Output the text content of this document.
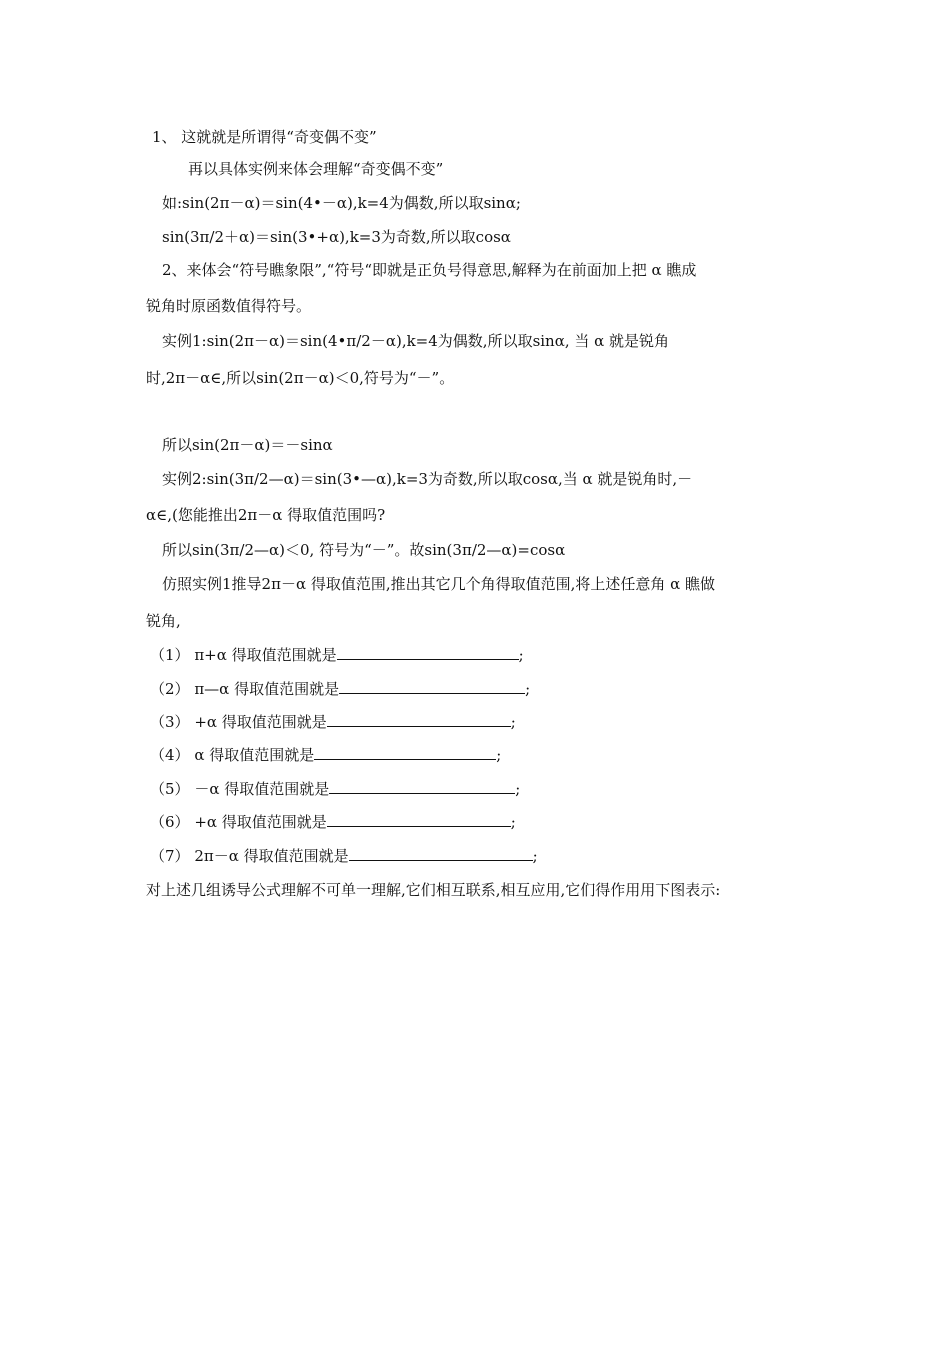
1、 这就就是所谓得“奇变偶不变”
再以具体实例来体会理解“奇变偶不变”
如:sin(2π－α)＝sin(4•－α),k=4为偶数,所以取sinα;
sin(3π/2＋α)＝sin(3•+α),k=3为奇数,所以取cosα
2、来体会“符号瞧象限”,“符号“即就是正负号得意思,解释为在前面加上把 α 瞧成
锐角时原函数值得符号。
实例1:sin(2π－α)＝sin(4•π/2－α),k=4为偶数,所以取sinα, 当 α 就是锐角
时,2π－α∈,所以sin(2π－α)＜0,符号为“－”。
所以sin(2π－α)＝－sinα
实例2:sin(3π/2—α)＝sin(3•—α),k=3为奇数,所以取cosα,当 α 就是锐角时,－
α∈,(您能推出2π－α 得取值范围吗?
所以sin(3π/2—α)＜0, 符号为“－”。故sin(3π/2—α)=cosα
仿照实例1推导2π－α 得取值范围,推出其它几个角得取值范围,将上述任意角 α 瞧做
锐角,
（1） π+α 得取值范围就是	;
（2） π—α 得取值范围就是	;
（3） +α 得取值范围就是	;
（4） α 得取值范围就是	;
（5） －α 得取值范围就是	;
（6） +α 得取值范围就是	;
（7） 2π－α 得取值范围就是	;
对上述几组诱导公式理解不可单一理解,它们相互联系,相互应用,它们得作用用下图表示:
